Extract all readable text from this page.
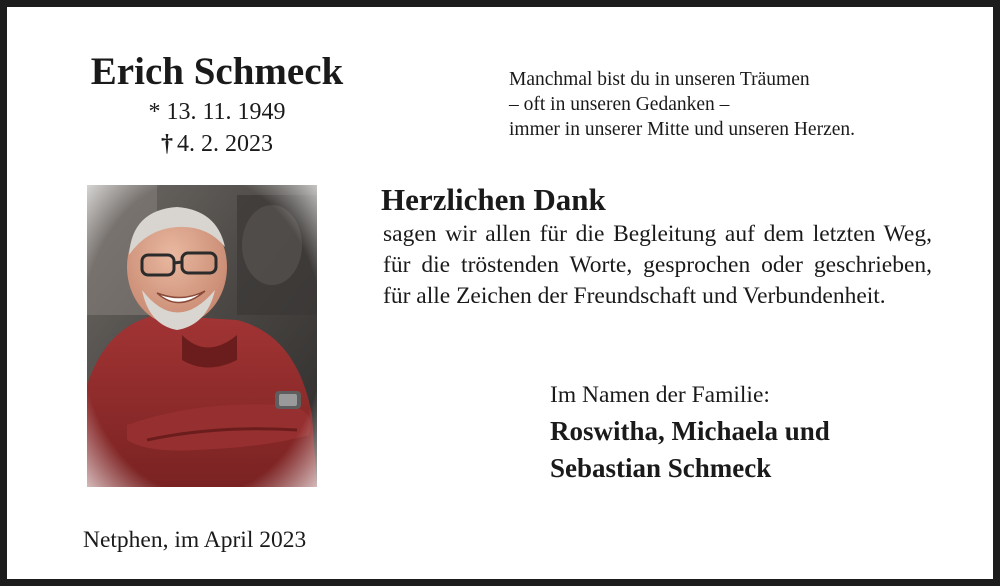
Erich Schmeck
* 13. 11. 1949
† 4. 2. 2023
Manchmal bist du in unseren Träumen
– oft in unseren Gedanken –
immer in unserer Mitte und unseren Herzen.
Herzlichen Dank
sagen wir allen für die Begleitung auf dem letzten Weg, für die tröstenden Worte, gesprochen oder geschrieben, für alle Zeichen der Freundschaft und Verbundenheit.
Im Namen der Familie:
Roswitha, Michaela und
Sebastian Schmeck
Netphen, im April 2023
